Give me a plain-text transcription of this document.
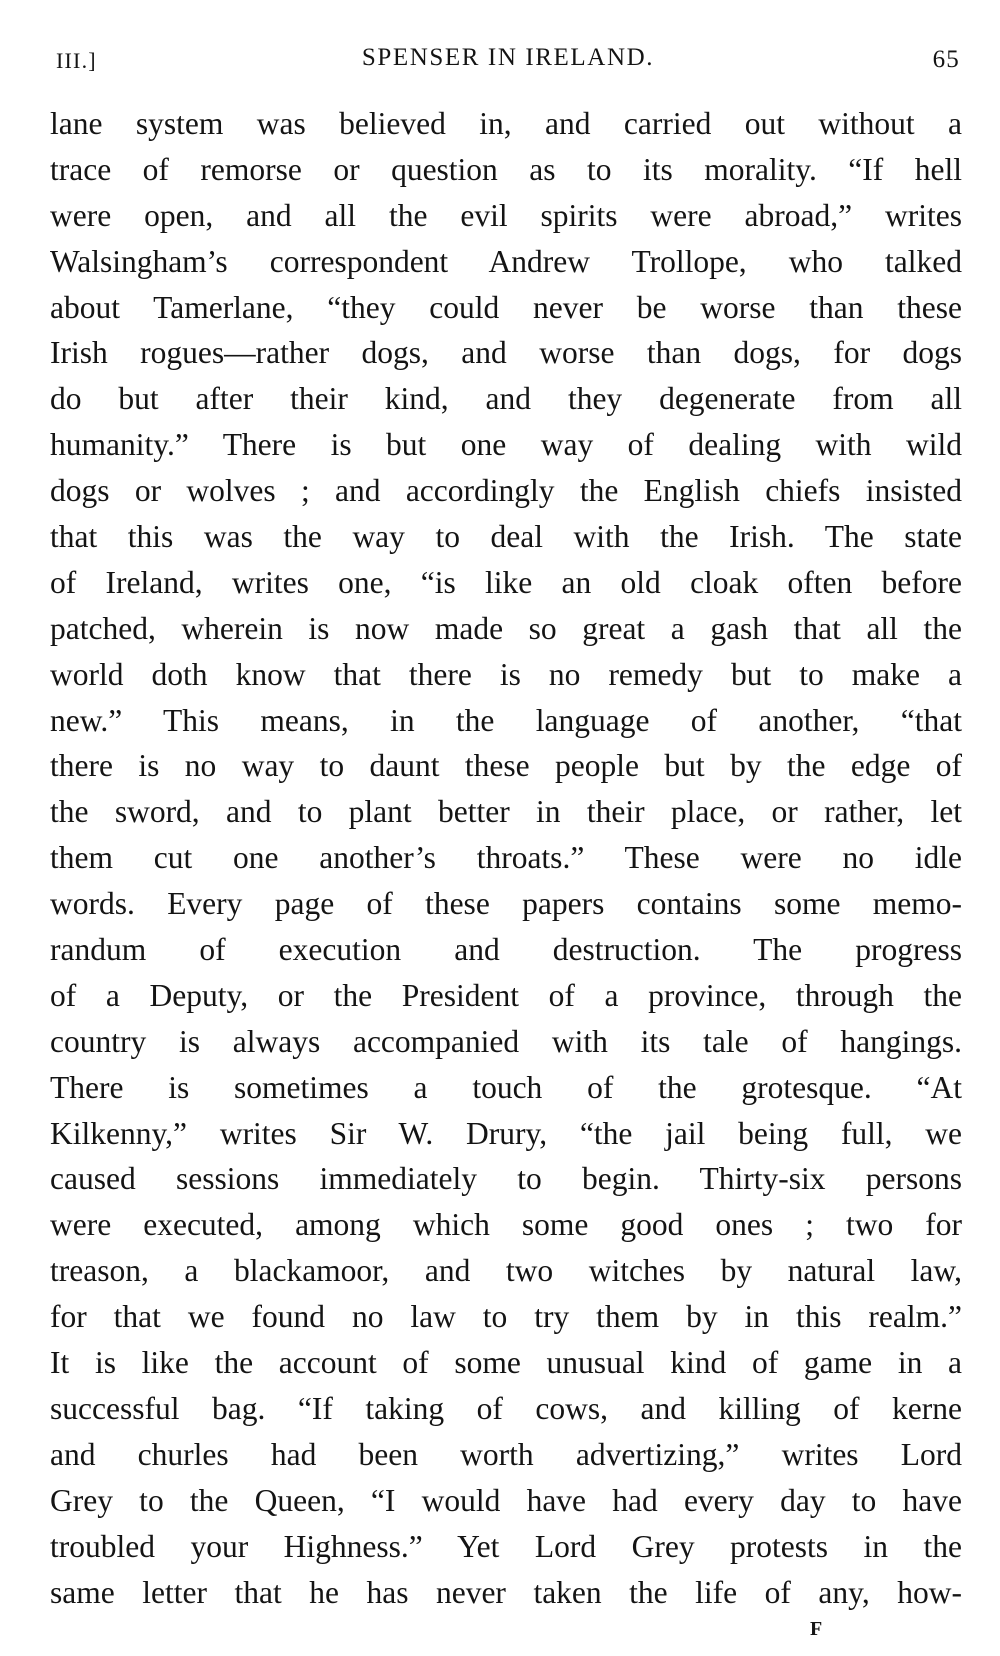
III.]	SPENSER IN IRELAND.	65
lane system was believed in, and carried out without a
trace of remorse or question as to its morality. “If hell
were open, and all the evil spirits were abroad,” writes
Walsingham’s correspondent Andrew Trollope, who talked
about Tamerlane, “they could never be worse than these
Irish rogues—rather dogs, and worse than dogs, for dogs
do but after their kind, and they degenerate from all
humanity.” There is but one way of dealing with wild
dogs or wolves ; and accordingly the English chiefs insisted
that this was the way to deal with the Irish. The state
of Ireland, writes one, “is like an old cloak often before
patched, wherein is now made so great a gash that all the
world doth know that there is no remedy but to make a
new.” This means, in the language of another, “that
there is no way to daunt these people but by the edge of
the sword, and to plant better in their place, or rather, let
them cut one another’s throats.” These were no idle
words. Every page of these papers contains some memo-
randum of execution and destruction. The progress
of a Deputy, or the President of a province, through the
country is always accompanied with its tale of hangings.
There is sometimes a touch of the grotesque. “At
Kilkenny,” writes Sir W. Drury, “the jail being full, we
caused sessions immediately to begin. Thirty-six persons
were executed, among which some good ones ; two for
treason, a blackamoor, and two witches by natural law,
for that we found no law to try them by in this realm.”
It is like the account of some unusual kind of game in a
successful bag. “If taking of cows, and killing of kerne
and churles had been worth advertizing,” writes Lord
Grey to the Queen, “I would have had every day to have
troubled your Highness.” Yet Lord Grey protests in the
same letter that he has never taken the life of any, how-
F
